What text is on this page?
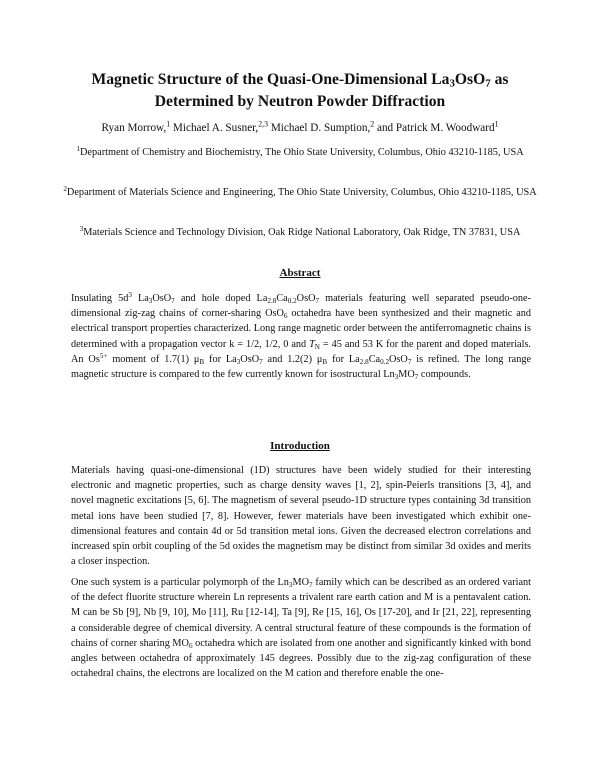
Magnetic Structure of the Quasi-One-Dimensional $La_3OsO_7$ as
Determined by Neutron Powder Diffraction
Ryan Morrow,$^1$ Michael A. Susner,$^{2,3}$ Michael D. Sumption,$^2$ and Patrick M. Woodward$^1$
$^1$Department of Chemistry and Biochemistry, The Ohio State University, Columbus, Ohio 43210-1185, USA
$^2$Department of Materials Science and Engineering, The Ohio State University, Columbus, Ohio 43210-1185, USA
$^3$Materials Science and Technology Division, Oak Ridge National Laboratory, Oak Ridge, TN 37831, USA
Abstract

Insulating $5d^3$ $La_3OsO_7$ and hole doped $La_{2.8}Ca_{0.2}OsO_7$ materials featuring well separated pseudo-one-dimensional zig-zag chains of corner-sharing OsO$_6$ octahedra have been synthesized and their magnetic and electrical transport properties characterized. Long range magnetic order between the antiferromagnetic chains is determined with a propagation vector k = 1/2, 1/2, 0 and $T_N = 45$ and 53 K for the parent and doped materials. An $Os^{5+}$ moment of 1.7(1) $\mu_B$ for $La_3OsO_7$ and 1.2(2) $\mu_B$ for $La_{2.8}Ca_{0.2}OsO_7$ is refined. The long range magnetic structure is compared to the few currently known for isostructural $Ln_3MO_7$ compounds.

Introduction

Materials having quasi-one-dimensional (1D) structures have been widely studied for their interesting electronic and magnetic properties, such as charge density waves [1, 2], spin-Peierls transitions [3, 4], and novel magnetic excitations [5, 6]. The magnetism of several pseudo-1D structure types containing 3d transition metal ions have been studied [7, 8]. However, fewer materials have been investigated which exhibit one-dimensional features and contain 4d or 5d transition metal ions. Given the decreased electron correlations and increased spin orbit coupling of the 5d oxides the magnetism may be distinct from similar 3d oxides and merits a closer inspection.

One such system is a particular polymorph of the $Ln_3MO_7$ family which can be described as an ordered variant of the defect fluorite structure wherein Ln represents a trivalent rare earth cation and M is a pentavalent cation. M can be Sb [9], Nb [9, 10], Mo [11], Ru [12-14], Ta [9], Re [15, 16], Os [17-20], and Ir [21, 22], representing a considerable degree of chemical diversity. A central structural feature of these compounds is the formation of chains of corner sharing $MO_6$ octahedra which are isolated from one another and significantly kinked with bond angles between octahedra of approximately 145 degrees. Possibly due to the zig-zag configuration of these octahedral chains, the electrons are localized on the M cation and therefore enable the one-
